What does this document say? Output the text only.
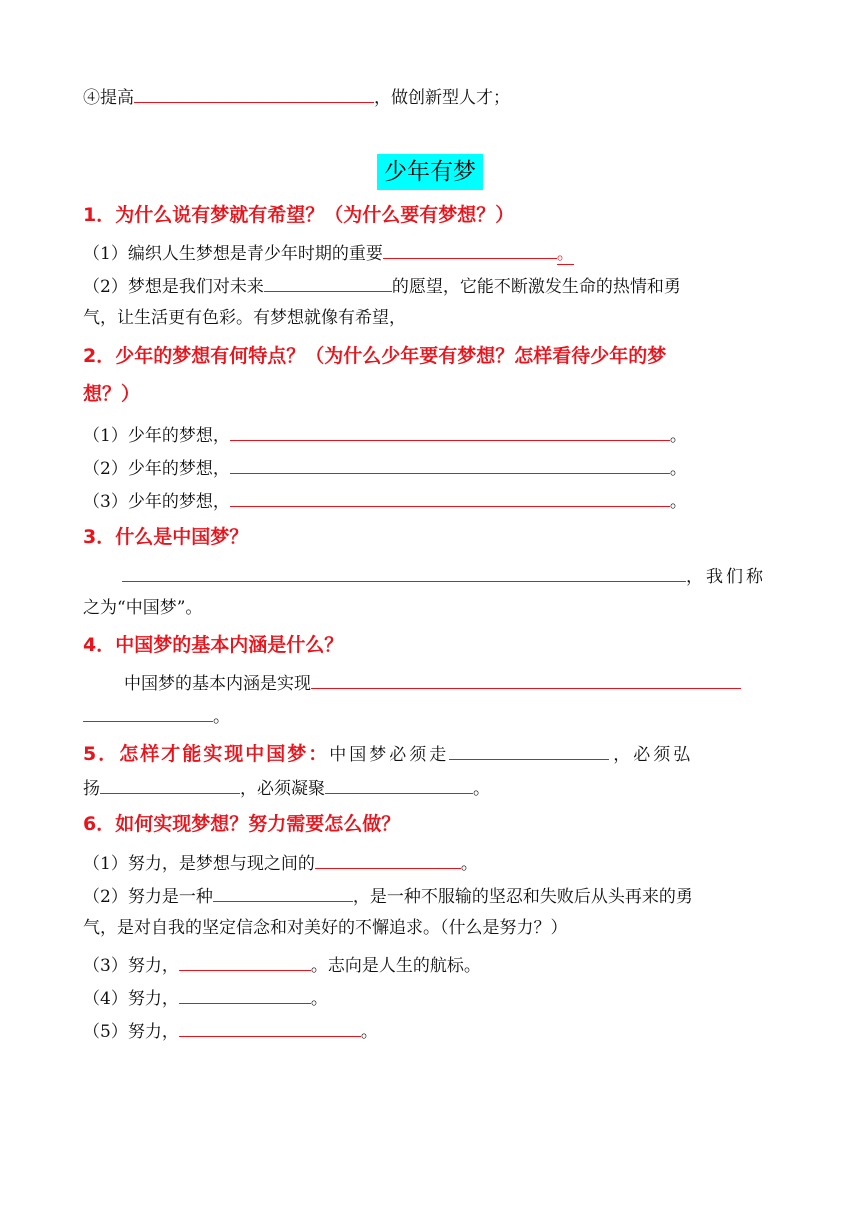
④提高	，做创新型人才；
少年有梦
1．为什么说有梦就有希望？（为什么要有梦想？）
（1）编织人生梦想是青少年时期的重要	。
（2）梦想是我们对未来	的愿望，它能不断激发生命的热情和勇
气，让生活更有色彩。有梦想就像有希望，
2．少年的梦想有何特点？（为什么少年要有梦想？怎样看待少年的梦
想？）
（1）少年的梦想，	。
（2）少年的梦想，	。
（3）少年的梦想，	。
3．什么是中国梦？
，我们称
之为“中国梦”。
4．中国梦的基本内涵是什么？
中国梦的基本内涵是实现
。
5．怎样才能实现中国梦：中国梦必须走	，必须弘
扬	，必须凝聚	。
6．如何实现梦想？努力需要怎么做？
（1）努力，是梦想与现之间的	。
（2）努力是一种	，是一种不服输的坚忍和失败后从头再来的勇
气，是对自我的坚定信念和对美好的不懈追求。（什么是努力？）
（3）努力，	。志向是人生的航标。
（4）努力，	。
（5）努力，	。
